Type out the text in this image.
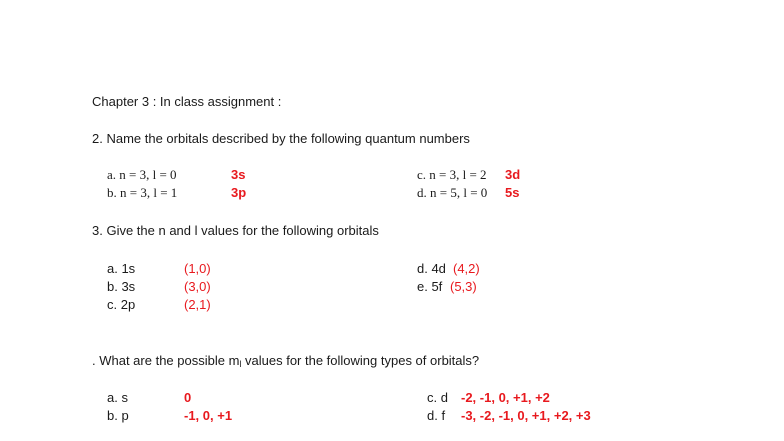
Chapter 3 : In class assignment :
2. Name the orbitals described by the following quantum numbers
a. n = 3, l = 0	3s
b. n = 3, l = 1	3p
c. n = 3, l = 2 3d
d. n = 5, l = 0 5s
3. Give the n and l values for the following orbitals
a. 1s	(1,0)
b. 3s	(3,0)
c. 2p	(2,1)
d. 4d (4,2)
e. 5f (5,3)
. What are the possible $m_l$ values for the following types of orbitals?
a. s	0
b. p	-1, 0, +1
c. d -2, -1, 0, +1, +2
d. f -3, -2, -1, 0, +1, +2, +3
